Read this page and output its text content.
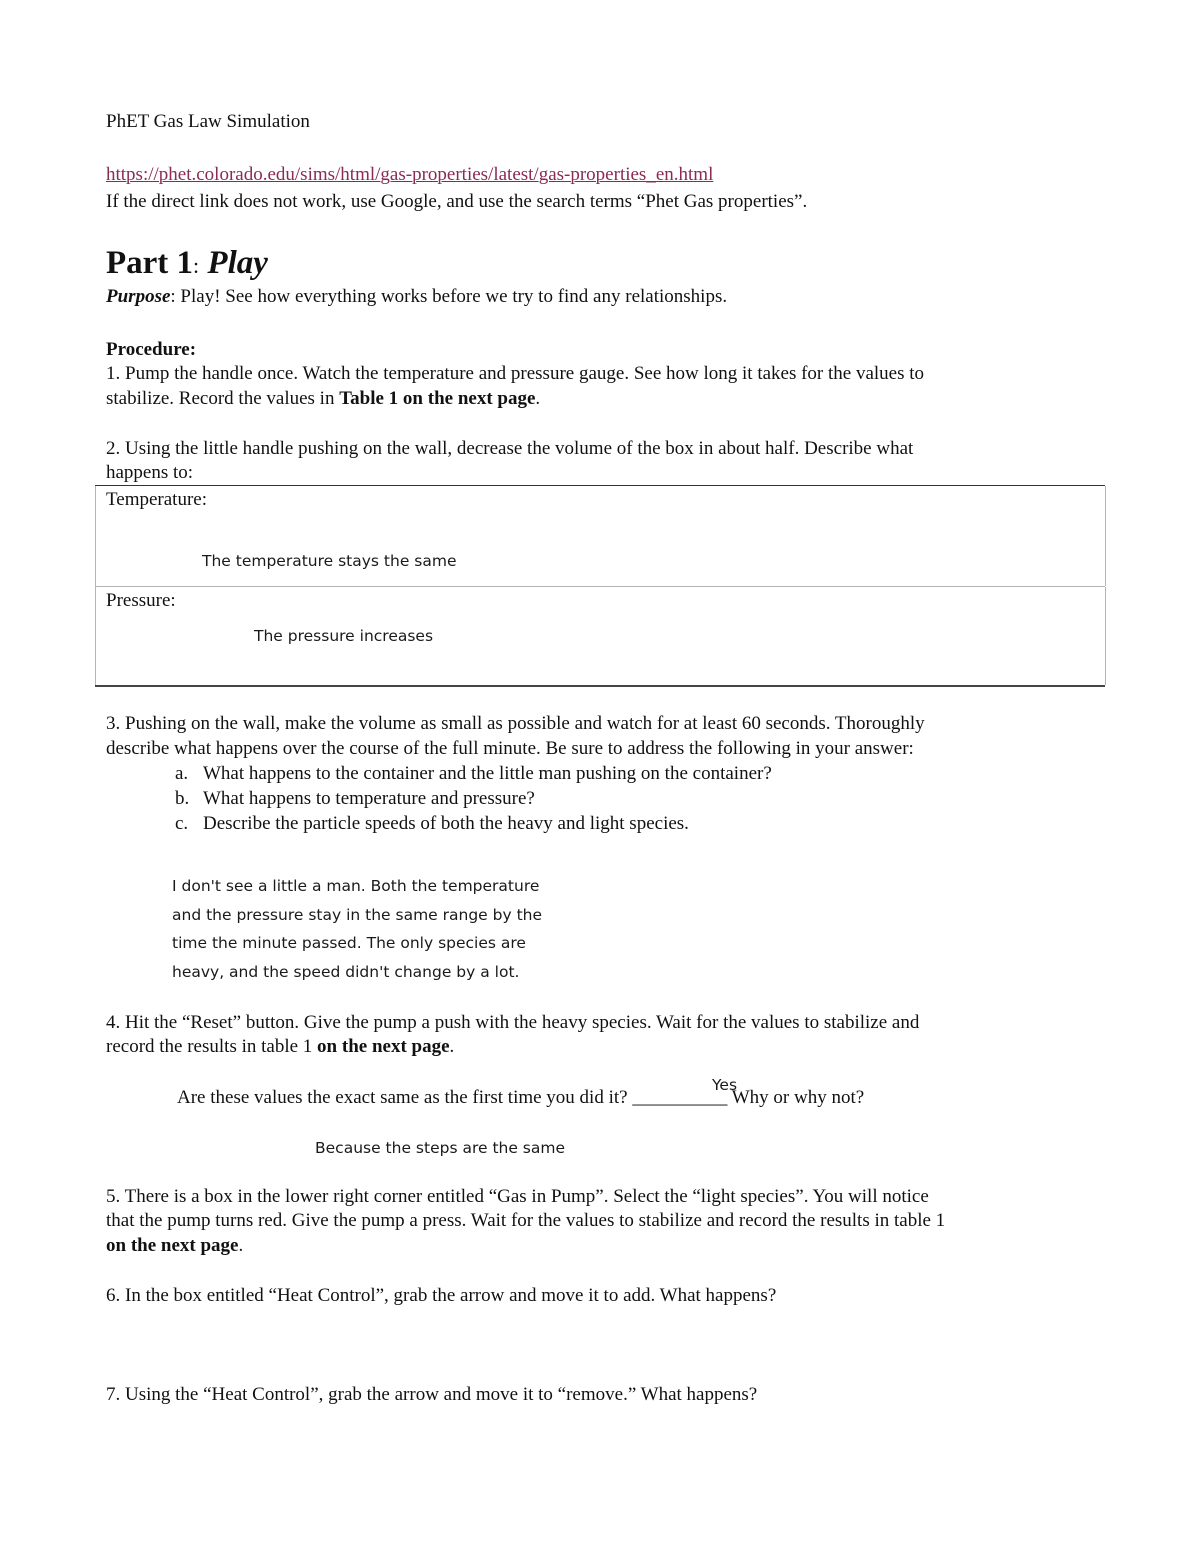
PhET Gas Law Simulation
https://phet.colorado.edu/sims/html/gas-properties/latest/gas-properties_en.html
If the direct link does not work, use Google, and use the search terms “Phet Gas properties”.
Part 1: Play
Purpose: Play! See how everything works before we try to find any relationships.
Procedure:
1. Pump the handle once. Watch the temperature and pressure gauge. See how long it takes for the values to
stabilize. Record the values in Table 1 on the next page.
2. Using the little handle pushing on the wall, decrease the volume of the box in about half. Describe what
happens to:
Temperature:
The temperature stays the same
Pressure:
The pressure increases
3. Pushing on the wall, make the volume as small as possible and watch for at least 60 seconds. Thoroughly
describe what happens over the course of the full minute. Be sure to address the following in your answer:
a. What happens to the container and the little man pushing on the container?
b. What happens to temperature and pressure?
c. Describe the particle speeds of both the heavy and light species.
I don't see a little a man. Both the temperature
and the pressure stay in the same range by the
time the minute passed. The only species are
heavy, and the speed didn't change by a lot.
4. Hit the “Reset” button. Give the pump a push with the heavy species. Wait for the values to stabilize and
record the results in table 1 on the next page.
Are these values the exact same as the first time you did it? __________ Why or why not?
Yes
Because the steps are the same
5. There is a box in the lower right corner entitled “Gas in Pump”. Select the “light species”. You will notice
that the pump turns red. Give the pump a press. Wait for the values to stabilize and record the results in table 1
on the next page.
6. In the box entitled “Heat Control”, grab the arrow and move it to add. What happens?
7. Using the “Heat Control”, grab the arrow and move it to “remove.” What happens?
